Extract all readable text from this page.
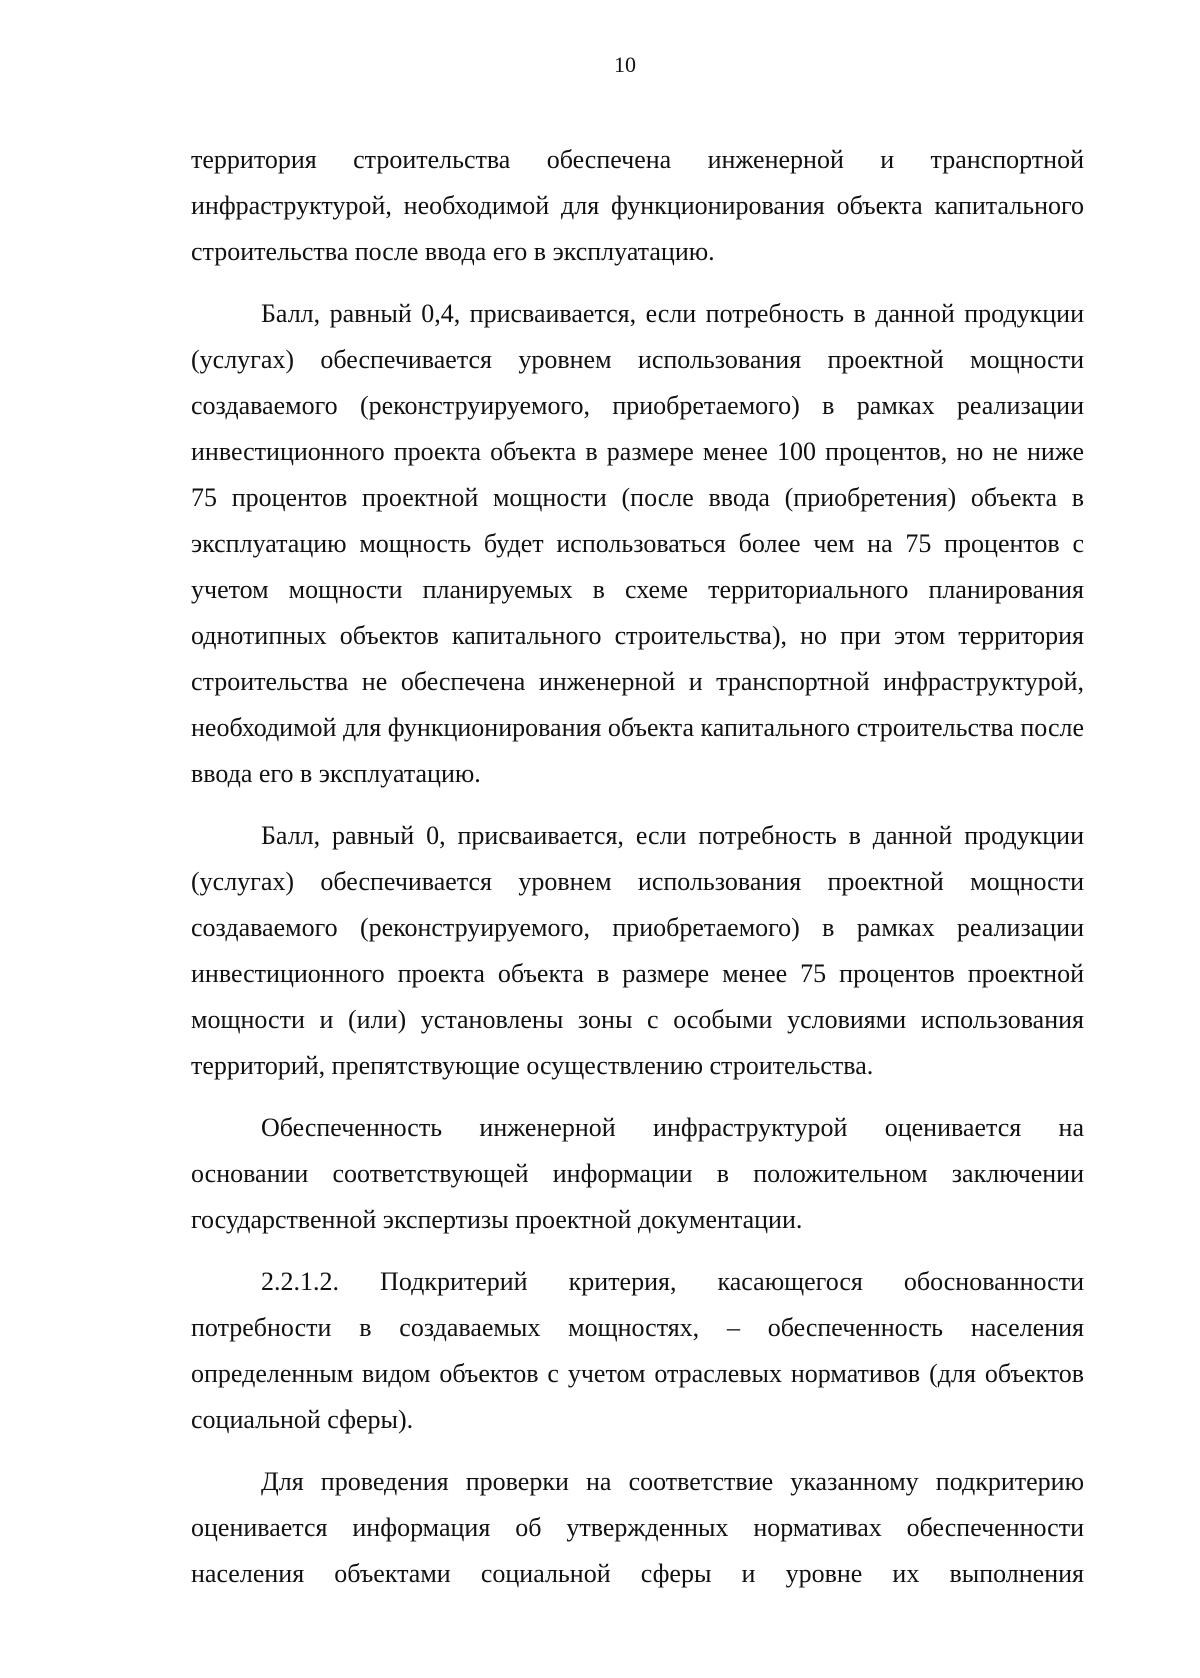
10

территория строительства обеспечена инженерной и транспортной инфраструктурой, необходимой для функционирования объекта капитального строительства после ввода его в эксплуатацию.

Балл, равный 0,4, присваивается, если потребность в данной продукции (услугах) обеспечивается уровнем использования проектной мощности создаваемого (реконструируемого, приобретаемого) в рамках реализации инвестиционного проекта объекта в размере менее 100 процентов, но не ниже 75 процентов проектной мощности (после ввода (приобретения) объекта в эксплуатацию мощность будет использоваться более чем на 75 процентов с учетом мощности планируемых в схеме территориального планирования однотипных объектов капитального строительства), но при этом территория строительства не обеспечена инженерной и транспортной инфраструктурой, необходимой для функционирования объекта капитального строительства после ввода его в эксплуатацию.

Балл, равный 0, присваивается, если потребность в данной продукции (услугах) обеспечивается уровнем использования проектной мощности создаваемого (реконструируемого, приобретаемого) в рамках реализации инвестиционного проекта объекта в размере менее 75 процентов проектной мощности и (или) установлены зоны с особыми условиями использования территорий, препятствующие осуществлению строительства.

Обеспеченность инженерной инфраструктурой оценивается на основании соответствующей информации в положительном заключении государственной экспертизы проектной документации.

2.2.1.2. Подкритерий критерия, касающегося обоснованности потребности в создаваемых мощностях, – обеспеченность населения определенным видом объектов с учетом отраслевых нормативов (для объектов социальной сферы).

Для проведения проверки на соответствие указанному подкритерию оценивается информация об утвержденных нормативах обеспеченности населения объектами социальной сферы и уровне их выполнения
